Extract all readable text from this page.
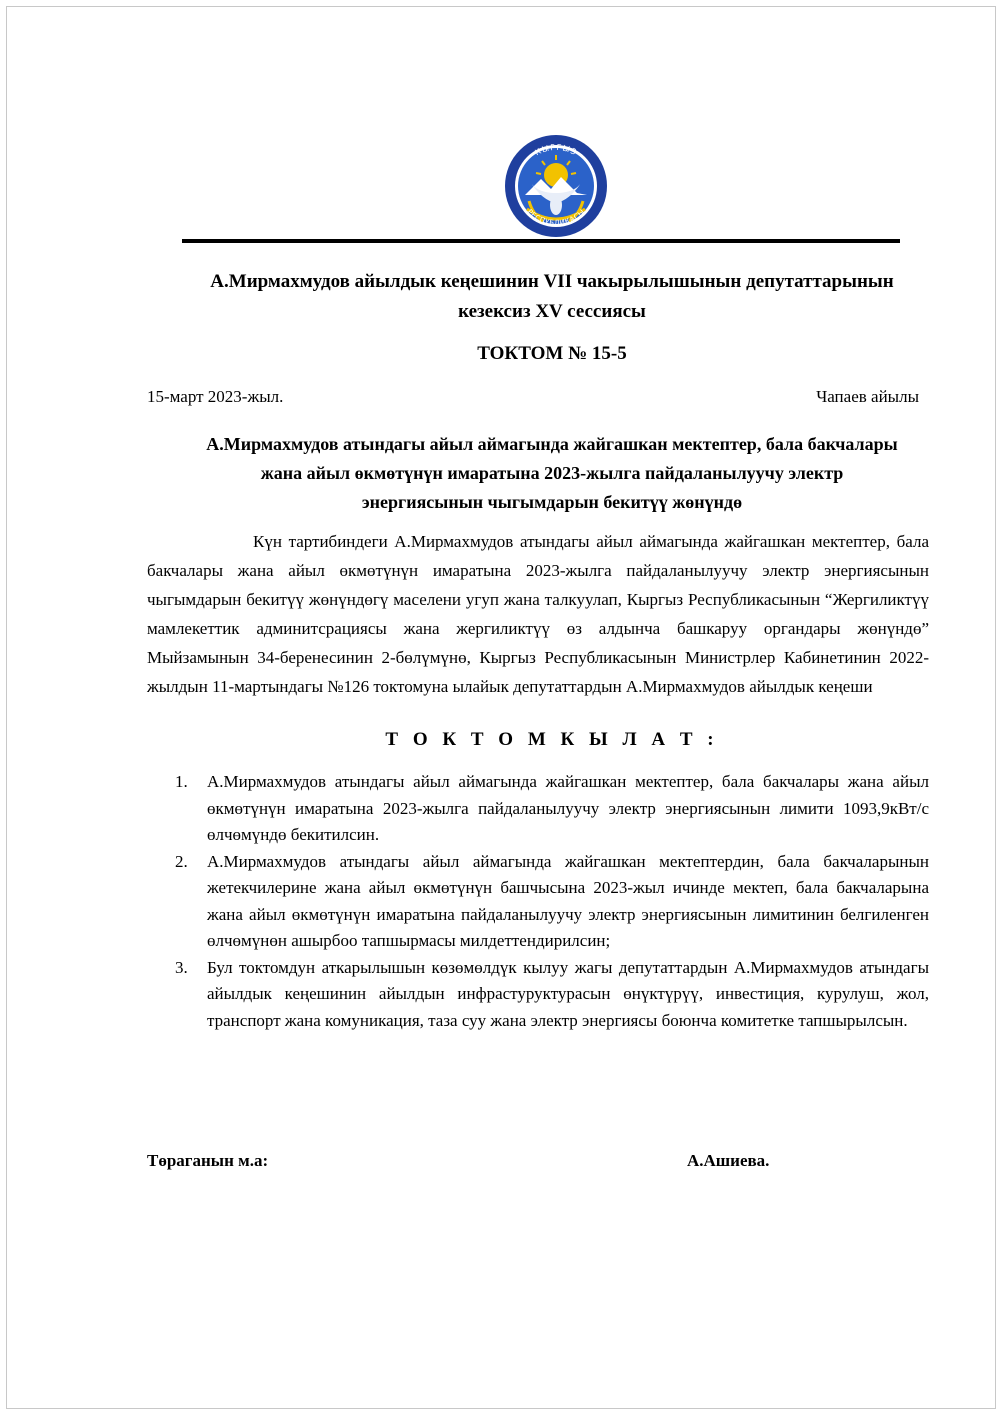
КЫРГЫЗ
РЕСПУБЛИКАСЫ
А.Мирмахмудов айылдык кеңешинин VII чакырылышынын депутаттарынын
кезексиз XV сессиясы
ТОКТОМ № 15-5
15-март 2023-жыл.	Чапаев айылы
А.Мирмахмудов атындагы айыл аймагында жайгашкан мектептер, бала бакчалары
жана айыл өкмөтүнүн имаратына 2023-жылга пайдаланылуучу электр
энергиясынын чыгымдарын бекитүү жөнүндө

Күн тартибиндеги А.Мирмахмудов атындагы айыл аймагында жайгашкан мектептер, бала бакчалары жана айыл өкмөтүнүн имаратына 2023-жылга пайдаланылуучу электр энергиясынын чыгымдарын бекитүү жөнүндөгү маселени угуп жана талкуулап, Кыргыз Республикасынын “Жергиликтүү мамлекеттик админитсрациясы жана жергиликтүү өз алдынча башкаруу органдары жөнүндө” Мыйзамынын 34-беренесинин 2-бөлүмүнө, Кыргыз Республикасынын Министрлер Кабинетинин 2022-жылдын 11-мартындагы №126 токтомуна ылайык депутаттардын А.Мирмахмудов айылдык кеңеши

Т О К Т О М К Ы Л А Т :
1. А.Мирмахмудов атындагы айыл аймагында жайгашкан мектептер, бала бакчалары жана айыл өкмөтүнүн имаратына 2023-жылга пайдаланылуучу электр энергиясынын лимити 1093,9кВт/с өлчөмүндө бекитилсин.
2. А.Мирмахмудов атындагы айыл аймагында жайгашкан мектептердин, бала бакчаларынын жетекчилерине жана айыл өкмөтүнүн башчысына 2023-жыл ичинде мектеп, бала бакчаларына жана айыл өкмөтүнүн имаратына пайдаланылуучу электр энергиясынын лимитинин белгиленген өлчөмүнөн ашырбоо тапшырмасы милдеттендирилсин;
3. Бул токтомдун аткарылышын көзөмөлдүк кылуу жагы депутаттардын А.Мирмахмудов атындагы айылдык кеңешинин айылдын инфрастуруктурасын өнүктүрүү, инвестиция, курулуш, жол, транспорт жана комуникация, таза суу жана электр энергиясы боюнча комитетке тапшырылсын.
Төраганын м.а:	А.Ашиева.
